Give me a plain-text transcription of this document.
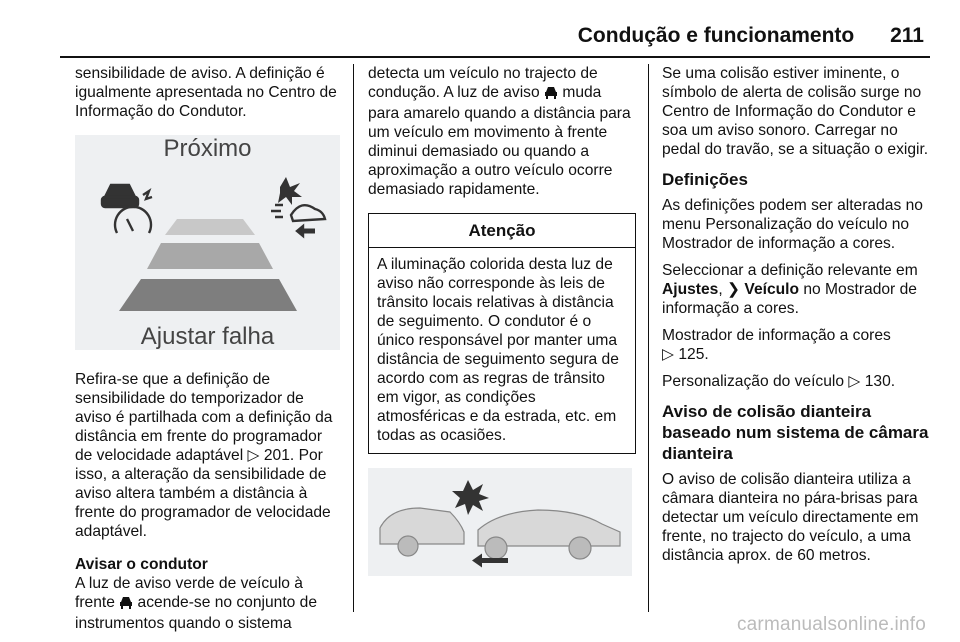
Condução e funcionamento 211

sensibilidade de aviso. A definição é igualmente apresentada no Centro de Informação do Condutor.

Próximo
Ajustar falha

Refira-se que a definição de sensibilidade do temporizador de aviso é partilhada com a definição da distância em frente do programador de velocidade adaptável ▷ 201. Por isso, a alteração da sensibilidade de aviso altera também a distância à frente do programador de velocidade adaptável.

Avisar o condutor

A luz de aviso verde de veículo à frente  acende-se no conjunto de instrumentos quando o sistema

detecta um veículo no trajecto de condução. A luz de aviso  muda para amarelo quando a distância para um veículo em movimento à frente diminui demasiado ou quando a aproximação a outro veículo ocorre demasiado rapidamente.

Atenção
A iluminação colorida desta luz de aviso não corresponde às leis de trânsito locais relativas à distância de seguimento. O condutor é o único responsável por manter uma distância de seguimento segura de acordo com as regras de trânsito em vigor, as condições atmosféricas e da estrada, etc. em todas as ocasiões.

Se uma colisão estiver iminente, o símbolo de alerta de colisão surge no Centro de Informação do Condutor e soa um aviso sonoro. Carregar no pedal do travão, se a situação o exigir.

Definições

As definições podem ser alteradas no menu Personalização do veículo no Mostrador de informação a cores.

Seleccionar a definição relevante em Ajustes, ❯ Veículo no Mostrador de informação a cores.

Mostrador de informação a cores
▷ 125.

Personalização do veículo ▷ 130.

Aviso de colisão dianteira baseado num sistema de câmara dianteira

O aviso de colisão dianteira utiliza a câmara dianteira no pára-brisas para detectar um veículo directamente em frente, no trajecto do veículo, a uma distância aprox. de 60 metros.

carmanualsonline.info
